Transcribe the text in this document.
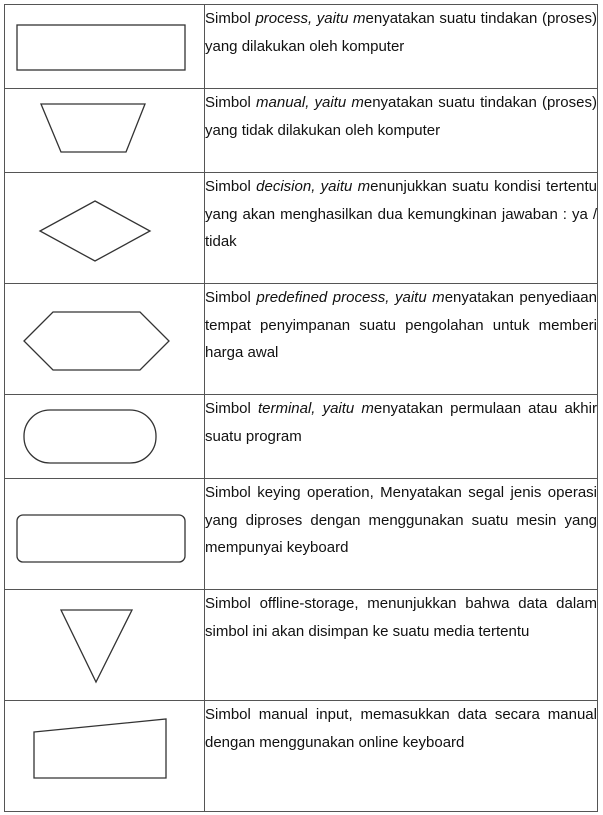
	Simbol process, yaitu menyatakan suatu tindakan (proses) yang dilakukan oleh komputer

	Simbol manual, yaitu menyatakan suatu tindakan (proses) yang tidak dilakukan oleh komputer

	Simbol decision, yaitu menunjukkan suatu kondisi tertentu yang akan menghasilkan dua kemungkinan jawaban : ya / tidak

	Simbol predefined process, yaitu menyatakan penyediaan tempat penyimpanan suatu pengolahan untuk memberi harga awal

	Simbol terminal, yaitu menyatakan permulaan atau akhir suatu program

	Simbol keying operation, Menyatakan segal jenis operasi yang diproses dengan menggunakan suatu mesin yang mempunyai keyboard

	Simbol offline-storage, menunjukkan bahwa data dalam simbol ini akan disimpan ke suatu media tertentu

	Simbol manual input, memasukkan data secara manual dengan menggunakan online keyboard
